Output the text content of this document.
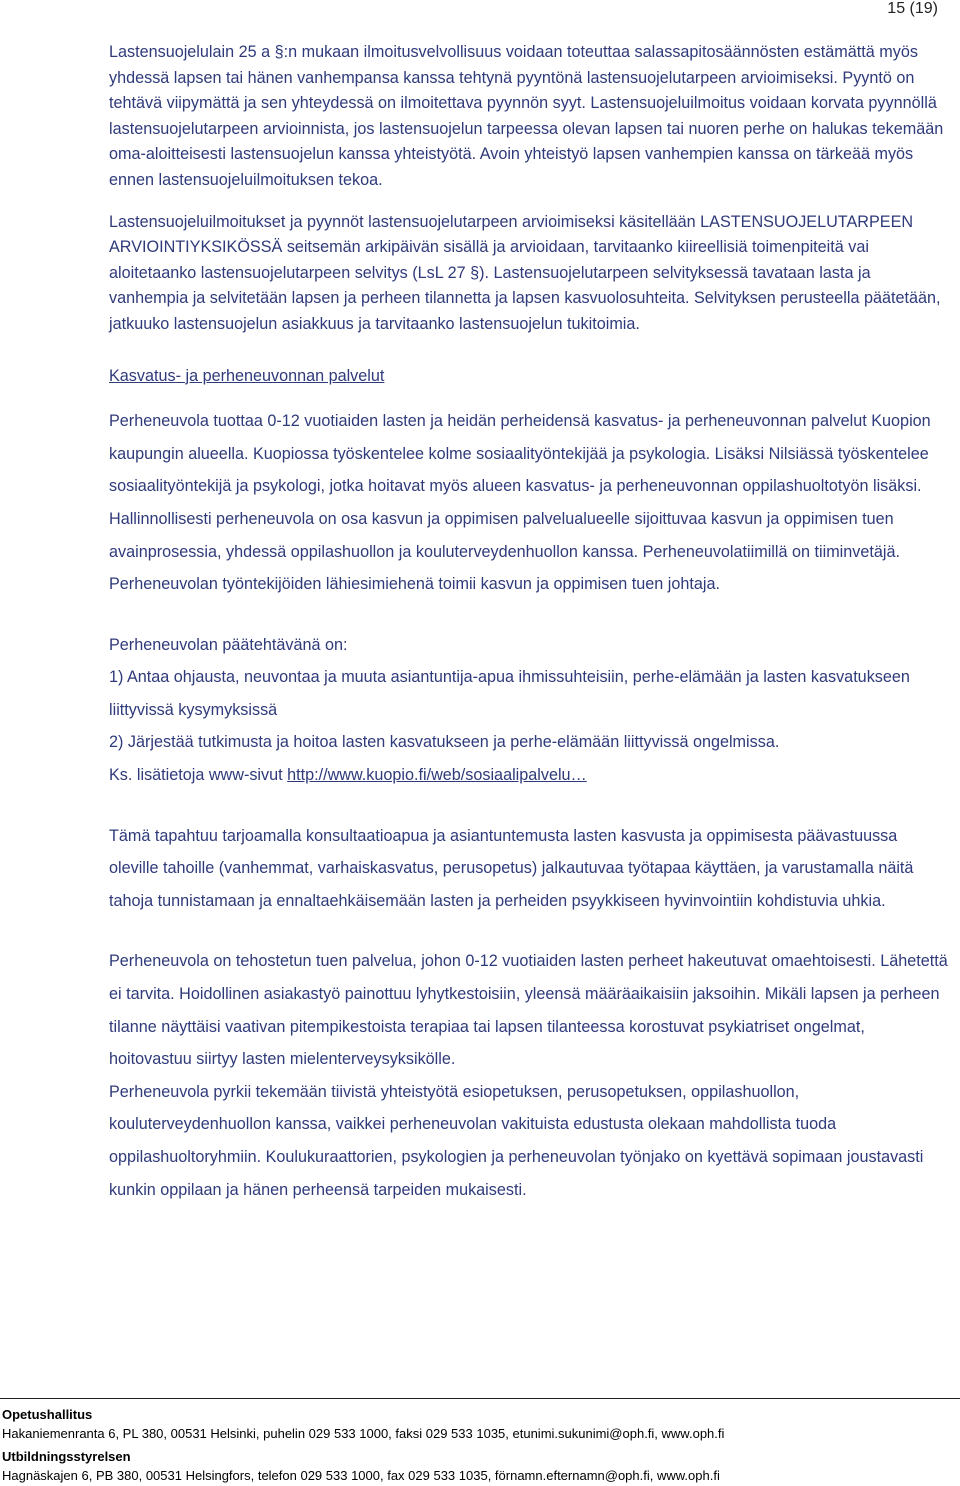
15 (19)

Lastensuojelulain 25 a §:n mukaan ilmoitusvelvollisuus voidaan toteuttaa salassapitosäännösten estämättä myös yhdessä lapsen tai hänen vanhempansa kanssa tehtynä pyyntönä lastensuojelutarpeen arvioimiseksi. Pyyntö on tehtävä viipymättä ja sen yhteydessä on ilmoitettava pyynnön syyt. Lastensuojeluilmoitus voidaan korvata pyynnöllä lastensuojelutarpeen arvioinnista, jos lastensuojelun tarpeessa olevan lapsen tai nuoren perhe on halukas tekemään oma-aloitteisesti lastensuojelun kanssa yhteistyötä. Avoin yhteistyö lapsen vanhempien kanssa on tärkeää myös ennen lastensuojeluilmoituksen tekoa.

Lastensuojeluilmoitukset ja pyynnöt lastensuojelutarpeen arvioimiseksi käsitellään LASTENSUOJELUTARPEEN ARVIOINTIYKSIKÖSSÄ seitsemän arkipäivän sisällä ja arvioidaan, tarvitaanko kiireellisiä toimenpiteitä vai aloitetaanko lastensuojelutarpeen selvitys (LsL 27 §). Lastensuojelutarpeen selvityksessä tavataan lasta ja vanhempia ja selvitetään lapsen ja perheen tilannetta ja lapsen kasvuolosuhteita. Selvityksen perusteella päätetään, jatkuuko lastensuojelun asiakkuus ja tarvitaanko lastensuojelun tukitoimia.

Kasvatus- ja perheneuvonnan palvelut

Perheneuvola tuottaa 0-12 vuotiaiden lasten ja heidän perheidensä kasvatus- ja perheneuvonnan palvelut Kuopion kaupungin alueella. Kuopiossa työskentelee kolme sosiaalityöntekijää ja psykologia. Lisäksi Nilsiässä työskentelee sosiaalityöntekijä ja psykologi, jotka hoitavat myös alueen kasvatus- ja perheneuvonnan oppilashuoltotyön lisäksi. Hallinnollisesti perheneuvola on osa kasvun ja oppimisen palvelualueelle sijoittuvaa kasvun ja oppimisen tuen avainprosessia, yhdessä oppilashuollon ja kouluterveydenhuollon kanssa. Perheneuvolatiimillä on tiiminvetäjä. Perheneuvolan työntekijöiden lähiesimiehenä toimii kasvun ja oppimisen tuen johtaja.

Perheneuvolan päätehtävänä on:

1) Antaa ohjausta, neuvontaa ja muuta asiantuntija-apua ihmissuhteisiin, perhe-elämään ja lasten kasvatukseen liittyvissä kysymyksissä

2) Järjestää tutkimusta ja hoitoa lasten kasvatukseen ja perhe-elämään liittyvissä ongelmissa.

Ks. lisätietoja www-sivut http://www.kuopio.fi/web/sosiaalipalvelu…

Tämä tapahtuu tarjoamalla konsultaatioapua ja asiantuntemusta lasten kasvusta ja oppimisesta päävastuussa oleville tahoille (vanhemmat, varhaiskasvatus, perusopetus) jalkautuvaa työtapaa käyttäen, ja varustamalla näitä tahoja tunnistamaan ja ennaltaehkäisemään lasten ja perheiden psyykkiseen hyvinvointiin kohdistuvia uhkia.

Perheneuvola on tehostetun tuen palvelua, johon 0-12 vuotiaiden lasten perheet hakeutuvat omaehtoisesti. Lähetettä ei tarvita. Hoidollinen asiakastyö painottuu lyhytkestoisiin, yleensä määräaikaisiin jaksoihin. Mikäli lapsen ja perheen tilanne näyttäisi vaativan pitempikestoista terapiaa tai lapsen tilanteessa korostuvat psykiatriset ongelmat, hoitovastuu siirtyy lasten mielenterveysyksikölle.

Perheneuvola pyrkii tekemään tiivistä yhteistyötä esiopetuksen, perusopetuksen, oppilashuollon, kouluterveydenhuollon kanssa, vaikkei perheneuvolan vakituista edustusta olekaan mahdollista tuoda oppilashuoltoryhmiin. Koulukuraattorien, psykologien ja perheneuvolan työnjako on kyettävä sopimaan joustavasti kunkin oppilaan ja hänen perheensä tarpeiden mukaisesti.

Opetushallitus
Hakaniemenranta 6, PL 380, 00531 Helsinki, puhelin 029 533 1000, faksi 029 533 1035, etunimi.sukunimi@oph.fi, www.oph.fi
Utbildningsstyrelsen
Hagnäskajen 6, PB 380, 00531 Helsingfors, telefon 029 533 1000, fax 029 533 1035, förnamn.efternamn@oph.fi, www.oph.fi
